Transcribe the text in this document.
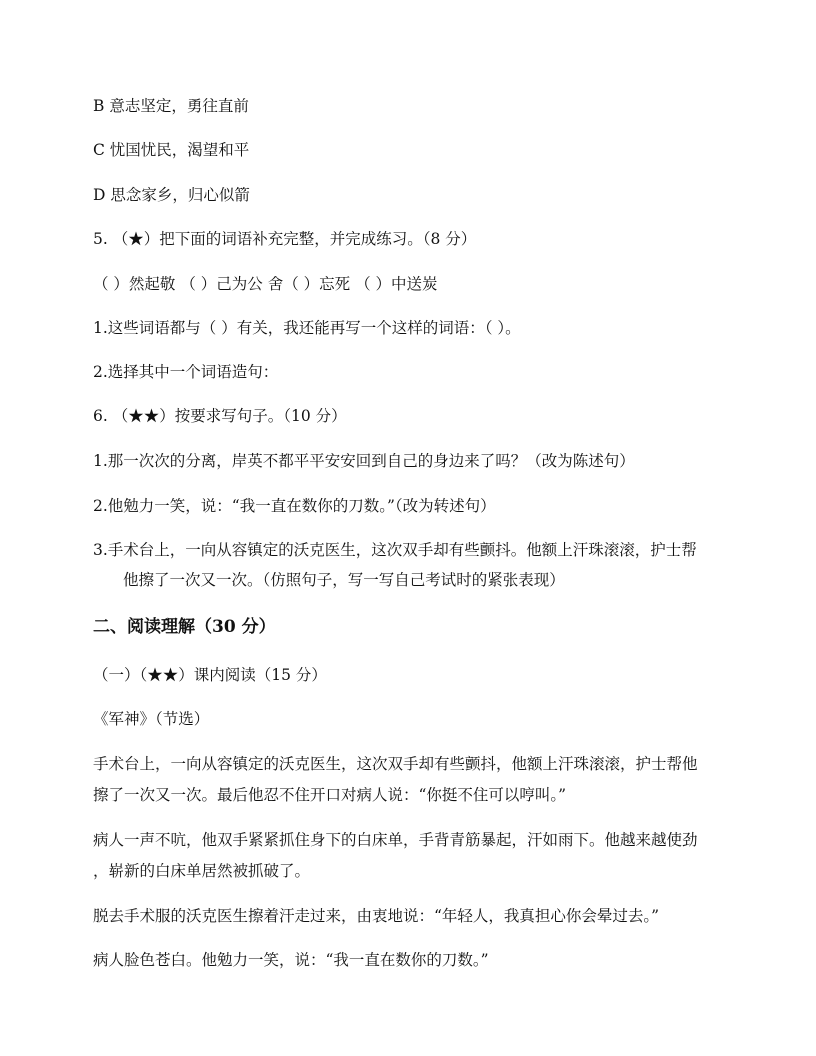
B 意志坚定，勇往直前
C 忧国忧民，渴望和平
D 思念家乡，归心似箭
5. （★）把下面的词语补充完整，并完成练习。（8 分）
（ ）然起敬 （ ）己为公 舍（ ）忘死 （ ）中送炭
1.这些词语都与（ ）有关，我还能再写一个这样的词语：（ ）。
2.选择其中一个词语造句：
6. （★★）按要求写句子。（10 分）
1.那一次次的分离，岸英不都平平安安回到自己的身边来了吗？（改为陈述句）
2.他勉力一笑，说：“我一直在数你的刀数。”（改为转述句）
3.手术台上，一向从容镇定的沃克医生，这次双手却有些颤抖。他额上汗珠滚滚，护士帮
他擦了一次又一次。（仿照句子，写一写自己考试时的紧张表现）
二、阅读理解（30 分）
（一）（★★）课内阅读（15 分）
《军神》（节选）
手术台上，一向从容镇定的沃克医生，这次双手却有些颤抖，他额上汗珠滚滚，护士帮他
擦了一次又一次。最后他忍不住开口对病人说：“你挺不住可以哼叫。”
病人一声不吭，他双手紧紧抓住身下的白床单，手背青筋暴起，汗如雨下。他越来越使劲
，崭新的白床单居然被抓破了。
脱去手术服的沃克医生擦着汗走过来，由衷地说：“年轻人，我真担心你会晕过去。”
病人脸色苍白。他勉力一笑，说：“我一直在数你的刀数。”
